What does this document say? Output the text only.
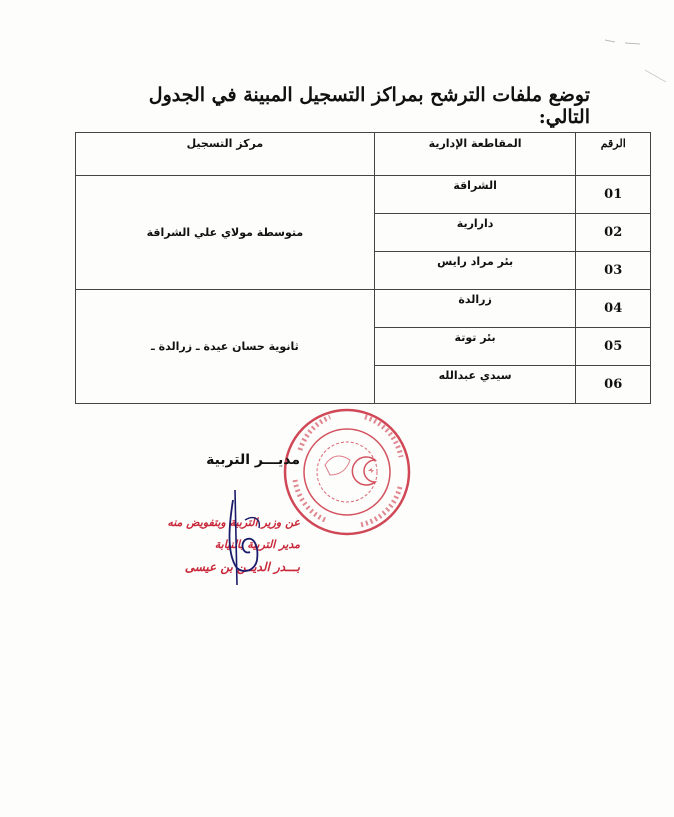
توضع ملفات الترشح بمراكز التسجيل المبينة في الجدول التالي:
الرقم	المقاطعة الإدارية	مركز التسجيل
01	الشراقة	متوسطة مولاي علي الشراقة
02	دارارية	
03	بئر مراد رايس	
04	زرالدة	ثانوية حسان عيدة ـ زرالدة ـ
05	بئر توتة	
06	سيدي عبدالله	
مديـــر التربية
عن وزير التربية وبتفويض منه
مدير التربية بالنيابة
بـــدر الديــن بن عيسى
